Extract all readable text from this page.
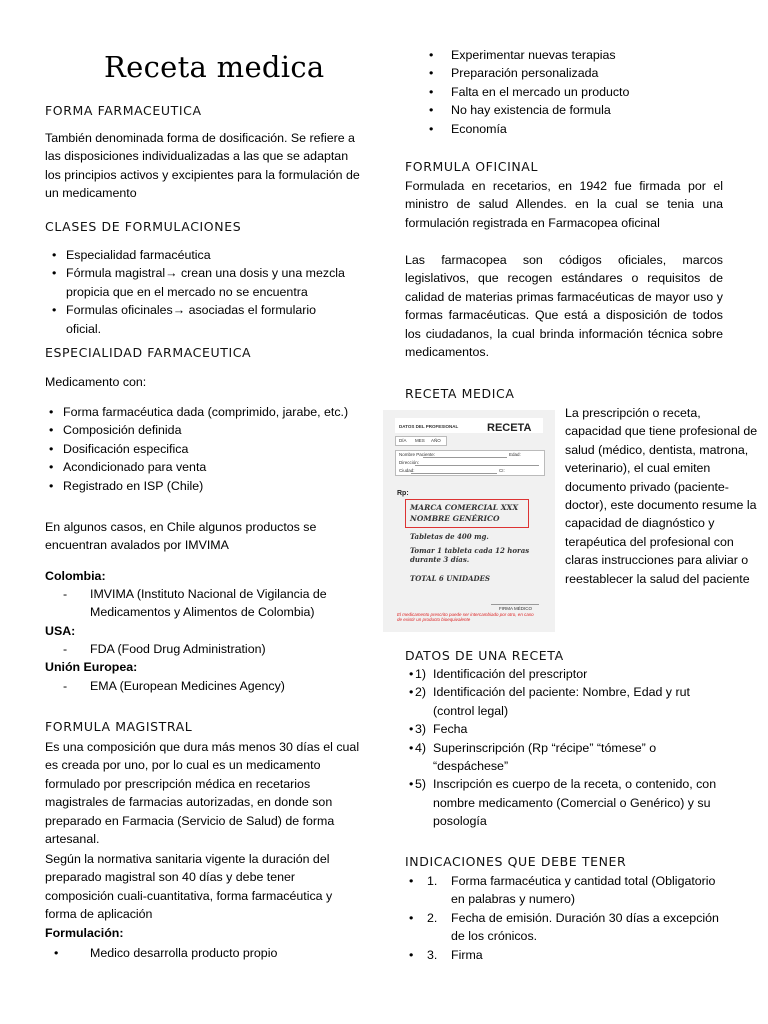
Receta medica
FORMA FARMACEUTICA
También denominada forma de dosificación. Se refiere a las disposiciones individualizadas a las que se adaptan los principios activos y excipientes para la formulación de un medicamento
CLASES DE FORMULACIONES
• Especialidad farmacéutica
• Fórmula magistral→ crean una dosis y una mezcla propicia que en el mercado no se encuentra
• Formulas oficinales→ asociadas el formulario oficial.
ESPECIALIDAD FARMACEUTICA
Medicamento con:
• Forma farmacéutica dada (comprimido, jarabe, etc.)
• Composición definida
• Dosificación especifica
• Acondicionado para venta
• Registrado en ISP (Chile)
En algunos casos, en Chile algunos productos se encuentran avalados por IMVIMA
Colombia:
- IMVIMA (Instituto Nacional de Vigilancia de Medicamentos y Alimentos de Colombia)
USA:
- FDA (Food Drug Administration)
Unión Europea:
- EMA (European Medicines Agency)
FORMULA MAGISTRAL
Es una composición que dura más menos 30 días el cual es creada por uno, por lo cual es un medicamento formulado por prescripción médica en recetarios magistrales de farmacias autorizadas, en donde son preparado en Farmacia (Servicio de Salud) de forma artesanal.
Según la normativa sanitaria vigente la duración del preparado magistral son 40 días y debe tener composición cuali-cuantitativa, forma farmacéutica y forma de aplicación
Formulación:
• Medico desarrolla producto propio
• Experimentar nuevas terapias
• Preparación personalizada
• Falta en el mercado un producto
• No hay existencia de formula
• Economía
FORMULA OFICINAL
Formulada en recetarios, en 1942 fue firmada por el ministro de salud Allendes. en la cual se tenia una formulación registrada en Farmacopea oficinal
Las farmacopea son códigos oficiales, marcos legislativos, que recogen estándares o requisitos de calidad de materias primas farmacéuticas de mayor uso y formas farmacéuticas. Que está a disposición de todos los ciudadanos, la cual brinda información técnica sobre medicamentos.
RECETA MEDICA
DATOS DEL PROFESIONAL	RECETA
DÍA MES AÑO
Nombre Paciente:	Edad:
Dirección:
Ciudad:	CI:
Rp:
MARCA COMERCIAL XXX
NOMBRE GENÉRICO
Tabletas de 400 mg.
Tomar 1 tableta cada 12 horas durante 3 días.
TOTAL 6 UNIDADES
FIRMA MÉDICO
El medicamento prescrito puede ser intercambiado por otro, en caso de existir un producto bioequivalente
La prescripción o receta, capacidad que tiene profesional de salud (médico, dentista, matrona, veterinario), el cual emiten documento privado (paciente- doctor), este documento resume la capacidad de diagnóstico y terapéutica del profesional con claras instrucciones para aliviar o reestablecer la salud del paciente
DATOS DE UNA RECETA
• 1) Identificación del prescriptor
• 2) Identificación del paciente: Nombre, Edad y rut (control legal)
• 3) Fecha
• 4) Superinscripción (Rp “récipe” “tómese” o “despáchese”
• 5) Inscripción es cuerpo de la receta, o contenido, con nombre medicamento (Comercial o Genérico) y su posología
INDICACIONES QUE DEBE TENER
• 1. Forma farmacéutica y cantidad total (Obligatorio en palabras y numero)
• 2. Fecha de emisión. Duración 30 días a excepción de los crónicos.
• 3. Firma
